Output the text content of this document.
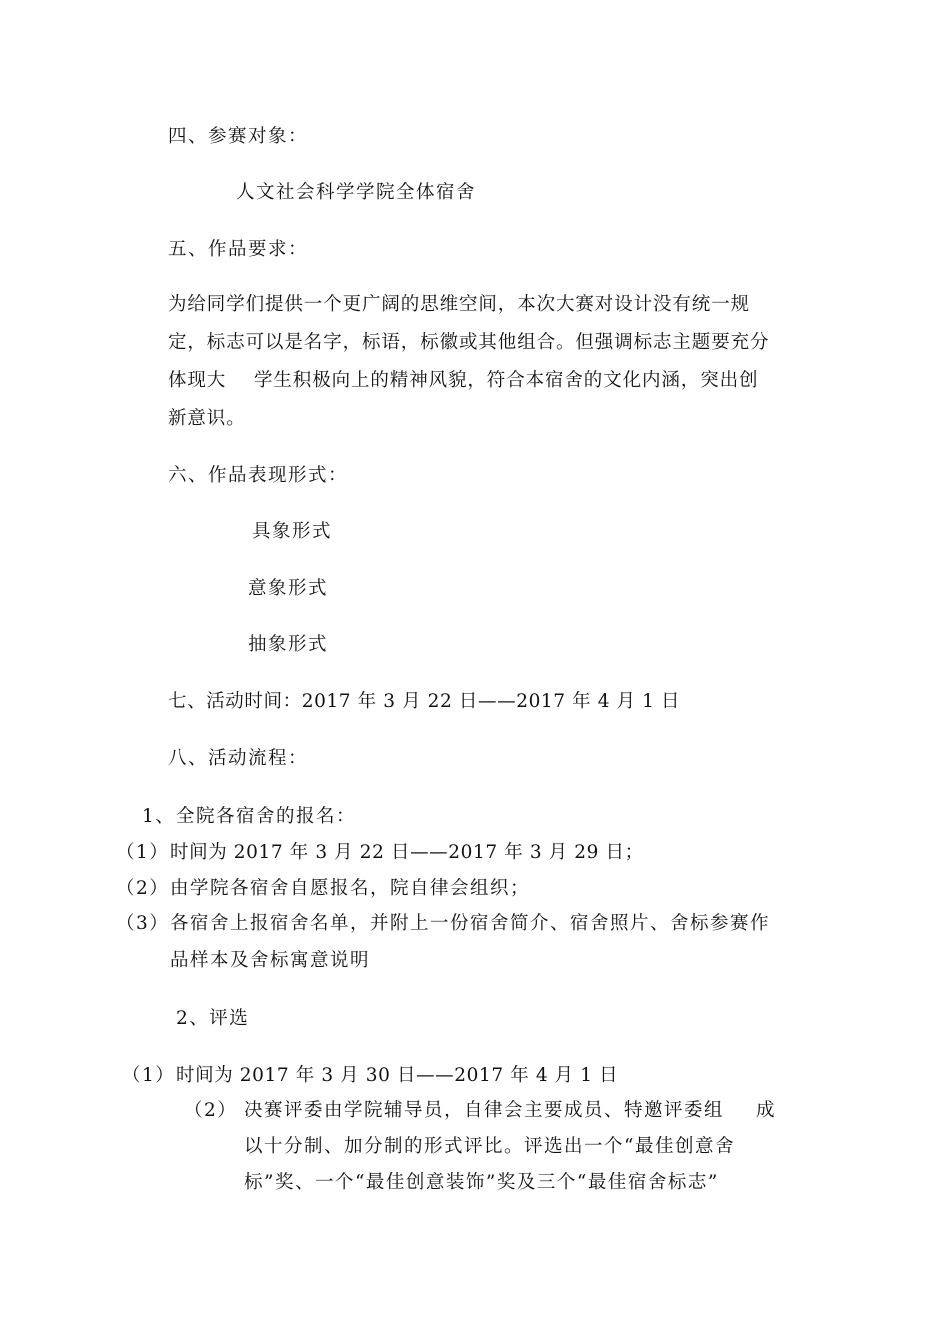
四、参赛对象：
人文社会科学学院全体宿舍
五、作品要求：
为给同学们提供一个更广阔的思维空间，本次大赛对设计没有统一规
定，标志可以是名字，标语，标徽或其他组合。但强调标志主题要充分
体现大 学生积极向上的精神风貌，符合本宿舍的文化内涵，突出创
新意识。
六、作品表现形式：
具象形式
意象形式
抽象形式
七、活动时间：2017 年 3 月 22 日——2017 年 4 月 1 日
八、活动流程：
1、 全院各宿舍的报名：
（1） 时间为 2017 年 3 月 22 日——2017 年 3 月 29 日；
（2） 由学院各宿舍自愿报名，院自律会组织；
（3） 各宿舍上报宿舍名单，并附上一份宿舍简介、宿舍照片、舍标参赛作
品样本及舍标寓意说明
2、评选
（1） 时间为 2017 年 3 月 30 日——2017 年 4 月 1 日
（2） 决赛评委由学院辅导员，自律会主要成员、特邀评委组 成
以十分制、加分制的形式评比。评选出一个“最佳创意舍
标”奖、一个“最佳创意装饰”奖及三个“最佳宿舍标志”
